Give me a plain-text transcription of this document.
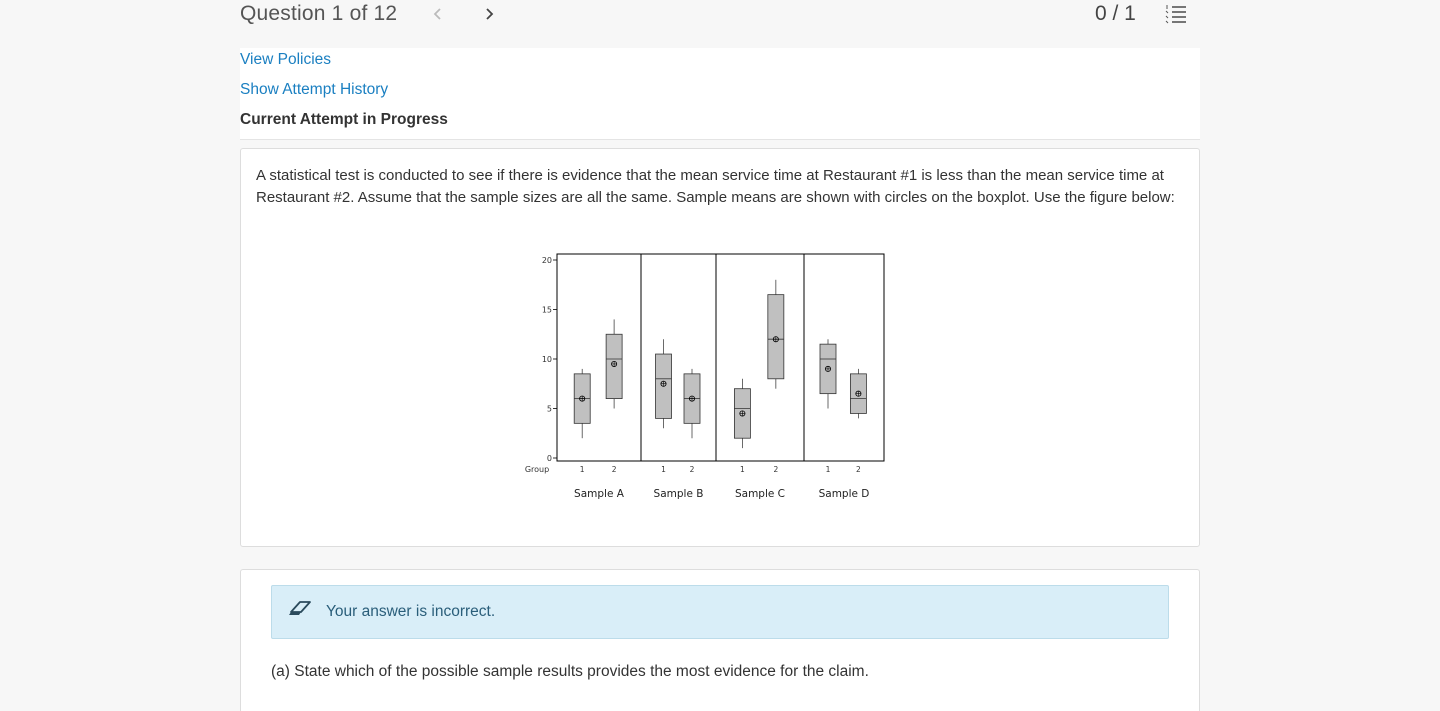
Question 1 of 12	0 / 1
View Policies
Show Attempt History
Current Attempt in Progress

A statistical test is conducted to see if there is evidence that the mean service time at Restaurant #1 is less than the mean service time at Restaurant #2. Assume that the sample sizes are all the same. Sample means are shown with circles on the boxplot. Use the figure below:

0
5
10
15
20
Group	1	2
Sample A
1	2
Sample B
1	2
Sample C
1	2
Sample D
Your answer is incorrect.

(a) State which of the possible sample results provides the most evidence for the claim.
